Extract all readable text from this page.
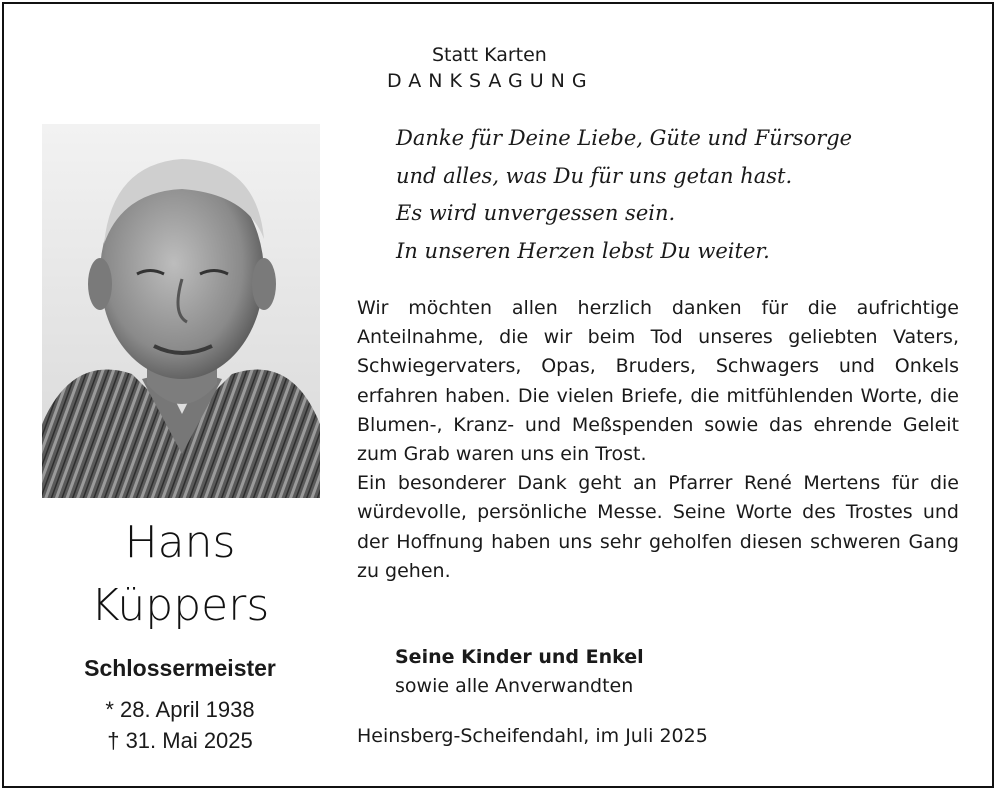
Statt Karten
DANKSAGUNG
Hans
Küppers
Schlossermeister
* 28. April 1938
† 31. Mai 2025
Danke für Deine Liebe, Güte und Fürsorge
und alles, was Du für uns getan hast.
Es wird unvergessen sein.
In unseren Herzen lebst Du weiter.

Wir möchten allen herzlich danken für die aufrichtige Anteilnahme, die wir beim Tod unseres geliebten Vaters, Schwiegervaters, Opas, Bruders, Schwagers und Onkels erfahren haben. Die vielen Briefe, die mitfühlenden Worte, die Blumen-, Kranz- und Meßspenden sowie das ehrende Geleit zum Grab waren uns ein Trost.

Ein besonderer Dank geht an Pfarrer René Mertens für die würdevolle, persönliche Messe. Seine Worte des Trostes und der Hoffnung haben uns sehr geholfen diesen schweren Gang zu gehen.

Seine Kinder und Enkel
sowie alle Anverwandten
Heinsberg-Scheifendahl, im Juli 2025
